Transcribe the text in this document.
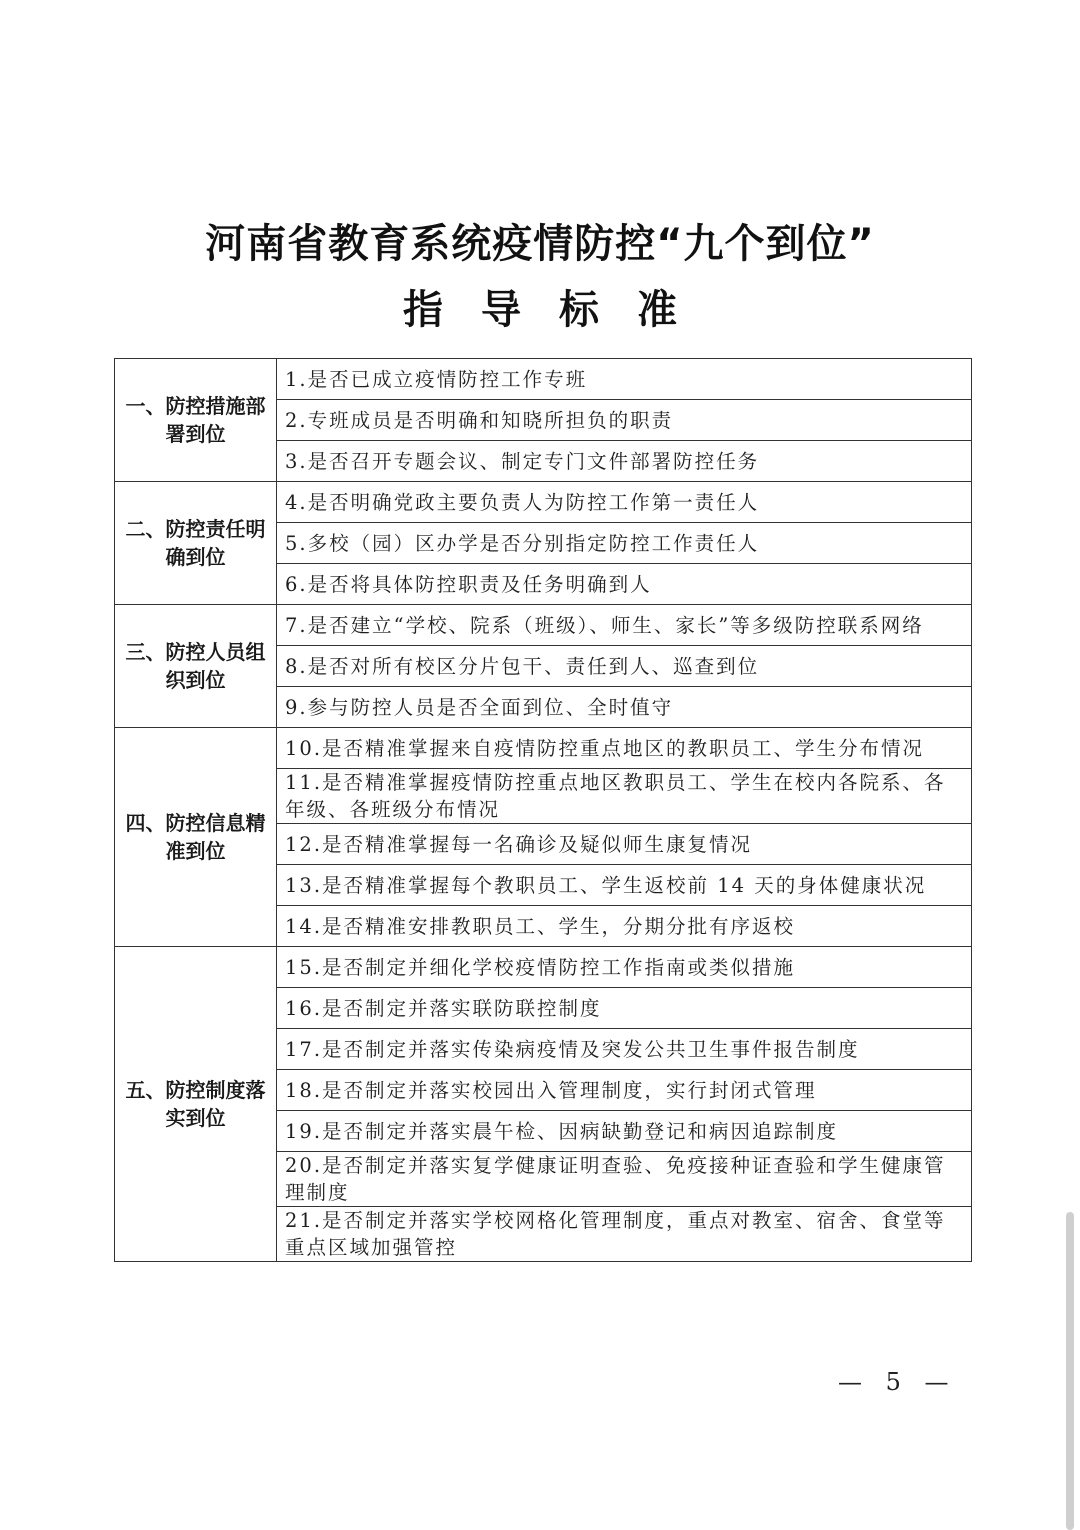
河南省教育系统疫情防控“九个到位”
指导标准
一、防控措施部署到位	1.是否已成立疫情防控工作专班
	2.专班成员是否明确和知晓所担负的职责
	3.是否召开专题会议、制定专门文件部署防控任务
二、防控责任明确到位	4.是否明确党政主要负责人为防控工作第一责任人
	5.多校（园）区办学是否分别指定防控工作责任人
	6.是否将具体防控职责及任务明确到人
三、防控人员组织到位	7.是否建立“学校、院系（班级）、师生、家长”等多级防控联系网络
	8.是否对所有校区分片包干、责任到人、巡查到位
	9.参与防控人员是否全面到位、全时值守
四、防控信息精准到位	10.是否精准掌握来自疫情防控重点地区的教职员工、学生分布情况
	11.是否精准掌握疫情防控重点地区教职员工、学生在校内各院系、各年级、各班级分布情况
	12.是否精准掌握每一名确诊及疑似师生康复情况
	13.是否精准掌握每个教职员工、学生返校前 14 天的身体健康状况
	14.是否精准安排教职员工、学生，分期分批有序返校
五、防控制度落实到位	15.是否制定并细化学校疫情防控工作指南或类似措施
	16.是否制定并落实联防联控制度
	17.是否制定并落实传染病疫情及突发公共卫生事件报告制度
	18.是否制定并落实校园出入管理制度，实行封闭式管理
	19.是否制定并落实晨午检、因病缺勤登记和病因追踪制度
	20.是否制定并落实复学健康证明查验、免疫接种证查验和学生健康管理制度
	21.是否制定并落实学校网格化管理制度，重点对教室、宿舍、食堂等重点区域加强管控
— 5 —
